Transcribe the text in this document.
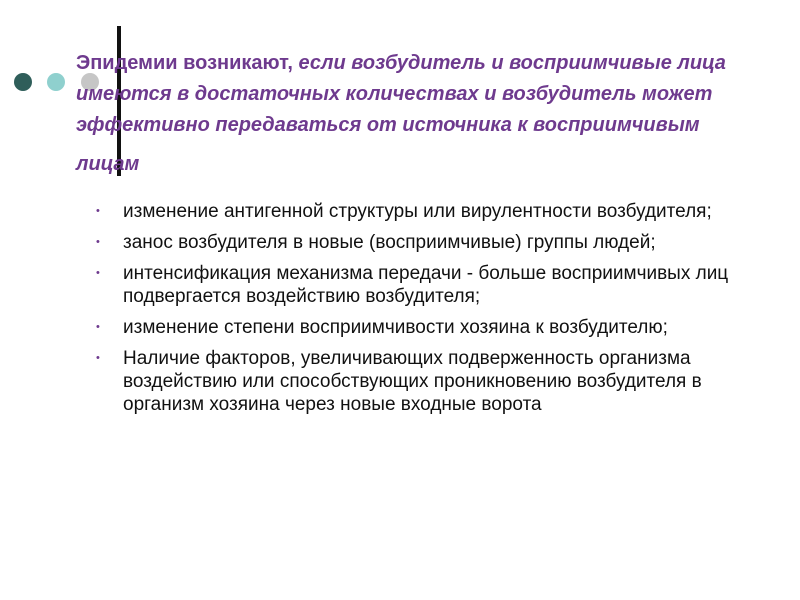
Эпидемии возникают, если возбудитель и восприимчивые лица имеются в достаточных количествах и возбудитель может эффективно передаваться от источника к восприимчивым
лицам
• изменение антигенной структуры или вирулентности возбудителя;
• занос возбудителя в новые (восприимчивые) группы людей;
• интенсификация механизма передачи - больше восприимчивых лиц подвергается воздействию возбудителя;
• изменение степени восприимчивости хозяина к возбудителю;
• Наличие факторов, увеличивающих подверженность организма воздействию или способствующих проникновению возбудителя в организм хозяина через новые входные ворота
